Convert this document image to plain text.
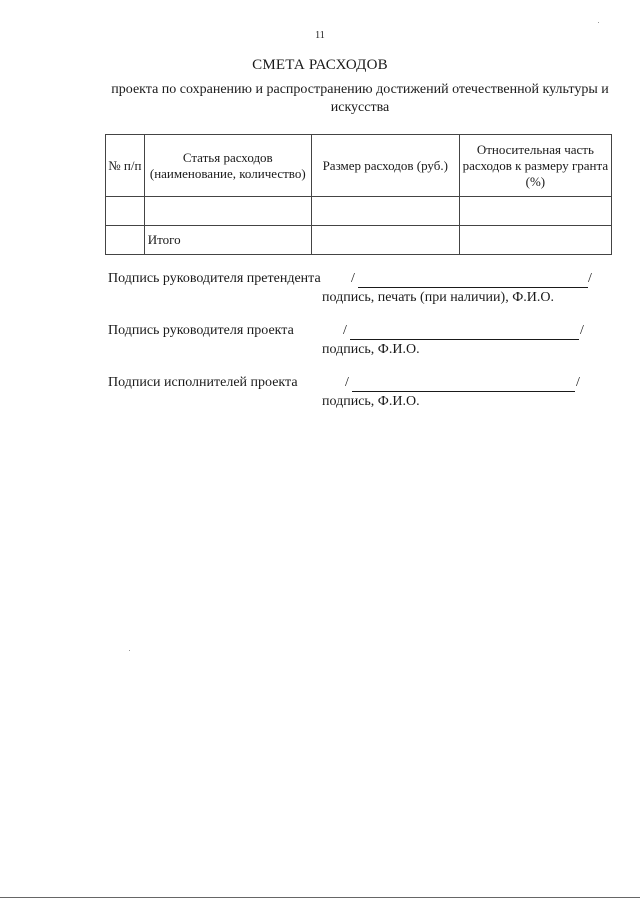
11
СМЕТА РАСХОДОВ
проекта по сохранению и распространению достижений отечественной культуры и искусства
№ п/п	Статья расходов (наименование, количество)	Размер расходов (руб.)	Относительная часть расходов к размеру гранта (%)

	Итого		
Подпись руководителя претендента /	/
подпись, печать (при наличии), Ф.И.О.
Подпись руководителя проекта	/	/
подпись, Ф.И.О.
Подписи исполнителей проекта	/	/
подпись, Ф.И.О.
